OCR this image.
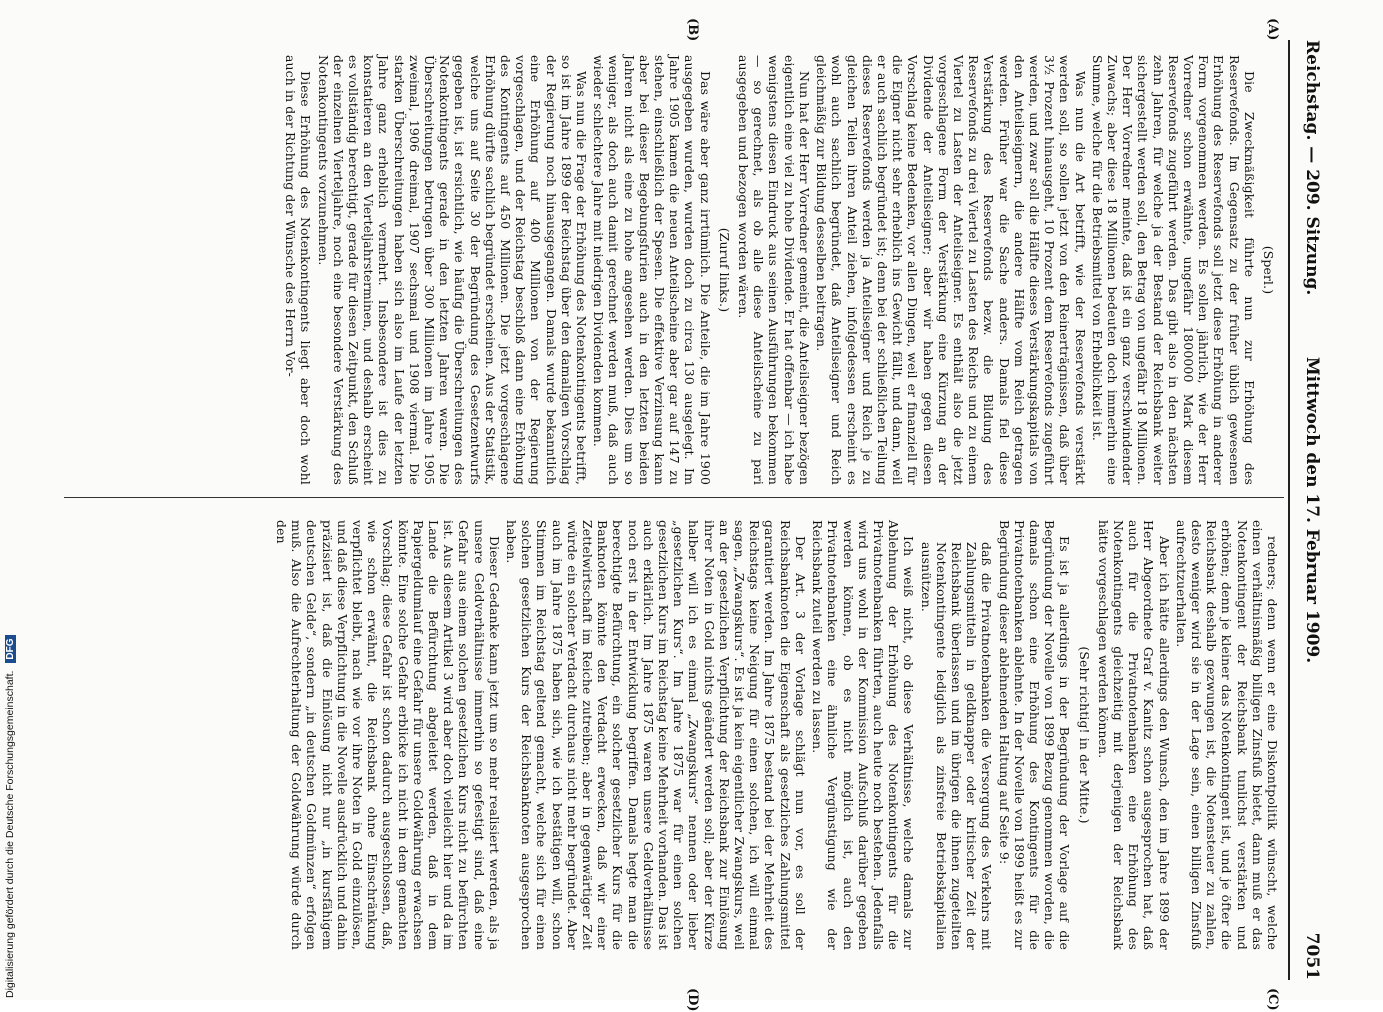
Reichstag. — 209. Sitzung.
Mittwoch den 17. Februar 1909.
7051
(A)
(B)
(C)
(D)

(Sperl.)

Die Zweckmäßigkeit führte nun zur Erhöhung des Reservefonds. Im Gegensatz zu der früher üblich gewesenen Erhöhung des Reservefonds soll jetzt diese Erhöhung in anderer Form vorgenommen werden. Es sollen jährlich, wie der Herr Vorredner schon erwähnte, ungefähr 1800000 Mark diesem Reservefonds zugeführt werden. Das gibt also in den nächsten zehn Jahren, für welche ja der Bestand der Reichsbank weiter sichergestellt werden soll, den Betrag von ungefähr 18 Millionen. Der Herr Vorredner meinte, daß ist ein ganz verschwindender Zuwachs; aber diese 18 Millionen bedeuten doch immerhin eine Summe, welche für die Betriebsmittel von Erheblichkeit ist.

Was nun die Art betrifft, wie der Reservefonds verstärkt werden soll, so sollen jetzt von den Reinerträgnissen, daß über 3½ Prozent hinausgeht, 10 Prozent dem Reservefonds zugeführt werden, und zwar soll die Hälfte dieses Verstärkungskapitals von den Anteilseignern, die andere Hälfte vom Reich getragen werden. Früher war die Sache anders. Damals fiel diese Verstärkung des Reservefonds bezw. die Bildung des Reservefonds zu drei Viertel zu Lasten des Reichs und zu einem Viertel zu Lasten der Anteilseigner. Es enthält also die jetzt vorgeschlagene Form der Verstärkung eine Kürzung an der Dividende der Anteilseigner; aber wir haben gegen diesen Vorschlag keine Bedenken, vor allen Dingen, weil er finanziell für die Eigner nicht sehr erheblich ins Gewicht fällt, und dann, weil er auch sachlich begründet ist; denn bei der schließlichen Teilung dieses Reservefonds werden ja Anteilseigner und Reich je zu gleichen Teilen ihren Anteil ziehen, infolgedessen erscheint es wohl auch sachlich begründet, daß Anteilseigner und Reich gleichmäßig zur Bildung desselben beitragen.

Nun hat der Herr Vorredner gemeint, die Anteilseigner bezögen eigentlich eine viel zu hohe Dividende. Er hat offenbar — ich habe wenigstens diesen Eindruck aus seinen Ausführungen bekommen — so gerechnet, als ob alle diese Anteilscheine zu pari ausgegeben und bezogen worden wären.

(Zuruf links.)

Das wäre aber ganz irrtümlich. Die Anteile, die im Jahre 1900 ausgegeben wurden, wurden doch zu circa 130 ausgelegt. Im Jahre 1905 kamen die neuen Anteilscheine aber gar auf 147 zu stehen, einschließlich der Spesen. Die effektive Verzinsung kann aber bei dieser Begebungsfurien auch in den letzten beiden Jahren nicht als eine zu hohe angesehen werden. Dies um so weniger, als doch auch damit gerechnet werden muß, daß auch wieder schlechtere Jahre mit niedrigen Dividenden kommen.

Was nun die Frage der Erhöhung des Notenkontingents betrifft, so ist im Jahre 1899 der Reichstag über den damaligen Vorschlag der Regierung noch hinausgegangen. Damals wurde bekanntlich eine Erhöhung auf 400 Millionen von der Regierung vorgeschlagen, und der Reichstag beschloß dann eine Erhöhung des Kontingents auf 450 Millionen. Die jetzt vorgeschlagene Erhöhung dürfte sachlich begründet erscheinen. Aus der Statistik, welche uns auf Seite 30 der Begründung des Gesetzentwurfs gegeben ist, ist ersichtlich, wie häufig die Überschreitungen des Notenkontingents gerade in den letzten Jahren waren. Die Überschreitungen betrugen über 300 Millionen im Jahre 1905 zweimal, 1906 dreimal, 1907 sechsmal und 1908 viermal. Die starken Überschreitungen haben sich also im Laufe der letzten Jahre ganz erheblich vermehrt. Insbesondere ist dies zu konstatieren an den Vierteljahrsterminen, und deshalb erscheint es vollständig berechtigt, gerade für diesen Zeitpunkt, den Schluß der einzelnen Vierteljahre, noch eine besondere Verstärkung des Notenkontingents vorzunehmen.

Diese Erhöhung des Notenkontingents liegt aber doch wohl auch in der Richtung der Wünsche des Herrn Vor-

redners; denn wenn er eine Diskontpolitik wünscht, welche einen verhältnismäßig billigen Zinsfuß bietet, dann muß er das Notenkontingent der Reichsbank tunlichst verstärken und erhöhen; denn je kleiner das Notenkontingent ist, und je öfter die Reichsbank deshalb gezwungen ist, die Notensteuer zu zahlen, desto weniger wird sie in der Lage sein, einen billigen Zinsfuß aufrechtzuerhalten.

Aber ich hätte allerdings den Wunsch, den im Jahre 1899 der Herr Abgeordnete Graf v. Kanitz schon ausgesprochen hat, daß auch für die Privatnotenbanken eine Erhöhung des Notenkontingents gleichzeitig mit derjenigen der Reichsbank hätte vorgeschlagen werden können.

(Sehr richtig! in der Mitte.)

Es ist ja allerdings in der Begründung der Vorlage auf die Begründung der Novelle von 1899 Bezug genommen worden, die damals schon eine Erhöhung des Kontingents für die Privatnotenbanken ablehnte. In der Novelle von 1899 heißt es zur Begründung dieser ablehnenden Haltung auf Seite 9:

daß die Privatnotenbanken die Versorgung des Verkehrs mit Zahlungsmitteln in geldknapper oder kritischer Zeit der Reichsbank überlassen und im übrigen die ihnen zugeteilten Notenkontingente lediglich als zinsfreie Betriebskapitalien ausnützen.

Ich weiß nicht, ob diese Verhältnisse, welche damals zur Ablehnung der Erhöhung des Notenkontingents für die Privatnotenbanken führten, auch heute noch bestehen. Jedenfalls wird uns wohl in der Kommission Aufschluß darüber gegeben werden können, ob es nicht möglich ist, auch den Privatnotenbanken eine ähnliche Vergünstigung wie der Reichsbank zuteil werden zu lassen.

Der Art. 3 der Vorlage schlägt nun vor, es soll der Reichsbanknoten die Eigenschaft als gesetzliches Zahlungsmittel garantiert werden. Im Jahre 1875 bestand bei der Mehrheit des Reichstags keine Neigung für einen solchen, ich will einmal sagen, „Zwangskurs“. Es ist ja kein eigentlicher Zwangskurs, weil an der gesetzlichen Verpflichtung der Reichsbank zur Einlösung ihrer Noten in Gold nichts geändert werden soll; aber der Kürze halber will ich es einmal „Zwangskurs“ nennen oder lieber „gesetzlichen Kurs“. Im Jahre 1875 war für einen solchen gesetzlichen Kurs im Reichstag keine Mehrheit vorhanden. Das ist auch erklärlich. Im Jahre 1875 waren unsere Geldverhältnisse noch erst in der Entwicklung begriffen. Damals hegte man die berechtigte Befürchtung, ein solcher gesetzlicher Kurs für die Banknoten könnte den Verdacht erwecken, daß wir einer Zettelwirtschaft im Reiche zutreiben; aber in gegenwärtiger Zeit würde ein solcher Verdacht durchaus nicht mehr begründet. Aber auch im Jahre 1875 haben sich, wie ich bestätigen will, schon Stimmen im Reichstag geltend gemacht, welche sich für einen solchen gesetzlichen Kurs der Reichsbanknoten ausgesprochen haben.

Dieser Gedanke kann jetzt um so mehr realisiert werden, als ja unsere Geldverhältnisse immerhin so gefestigt sind, daß eine Gefahr aus einem solchen gesetzlichen Kurs nicht zu befürchten ist. Aus diesem Artikel 3 wird aber doch vielleicht hier und da im Lande die Befürchtung abgeleitet werden, daß in dem Papiergeldumlauf eine Gefahr für unsere Goldwährung erwachsen könnte. Eine solche Gefahr erblicke ich nicht in dem gemachten Vorschlag; diese Gefahr ist schon dadurch ausgeschlossen, daß, wie schon erwähnt, die Reichsbank ohne Einschränkung verpflichtet bleibt, nach wie vor ihre Noten in Gold einzulösen, und daß diese Verpflichtung in die Novelle ausdrücklich und dahin präzisiert ist, daß die Einlösung nicht nur „in kursfähigem deutschen Gelde“, sondern „in deutschen Goldmünzen“ erfolgen muß. Also die Aufrechterhaltung der Goldwährung würde durch den

Digitalisierung gefördert durch die Deutsche Forschungsgemeinschaft.DFG
